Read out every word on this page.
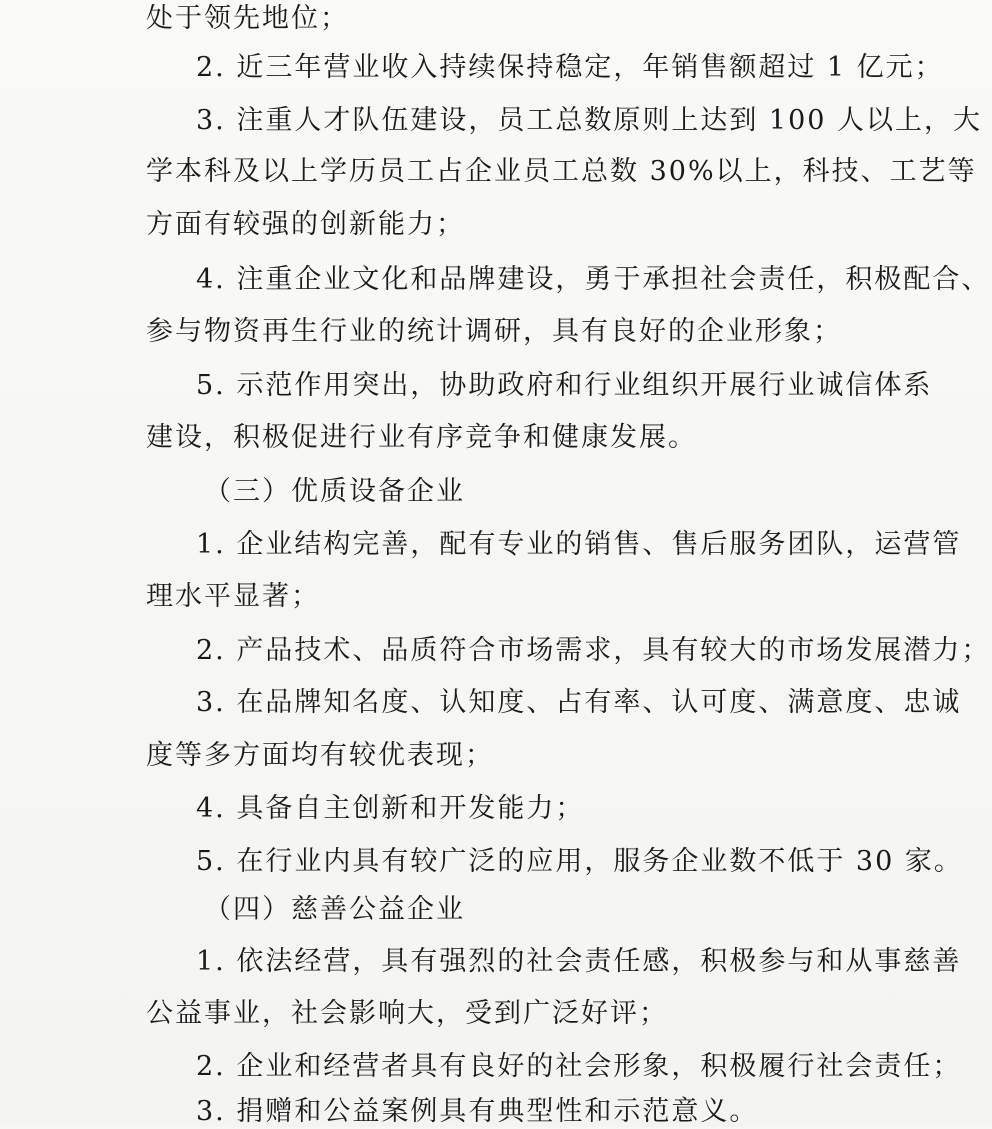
处于领先地位；
2. 近三年营业收入持续保持稳定，年销售额超过 1 亿元；
3. 注重人才队伍建设，员工总数原则上达到 100 人以上，大
学本科及以上学历员工占企业员工总数 30%以上，科技、工艺等
方面有较强的创新能力；
4. 注重企业文化和品牌建设，勇于承担社会责任，积极配合、
参与物资再生行业的统计调研，具有良好的企业形象；
5. 示范作用突出，协助政府和行业组织开展行业诚信体系
建设，积极促进行业有序竞争和健康发展。
（三）优质设备企业
1. 企业结构完善，配有专业的销售、售后服务团队，运营管
理水平显著；
2. 产品技术、品质符合市场需求，具有较大的市场发展潜力；
3. 在品牌知名度、认知度、占有率、认可度、满意度、忠诚
度等多方面均有较优表现；
4. 具备自主创新和开发能力；
5. 在行业内具有较广泛的应用，服务企业数不低于 30 家。
（四）慈善公益企业
1. 依法经营，具有强烈的社会责任感，积极参与和从事慈善
公益事业，社会影响大，受到广泛好评；
2. 企业和经营者具有良好的社会形象，积极履行社会责任；
3. 捐赠和公益案例具有典型性和示范意义。
